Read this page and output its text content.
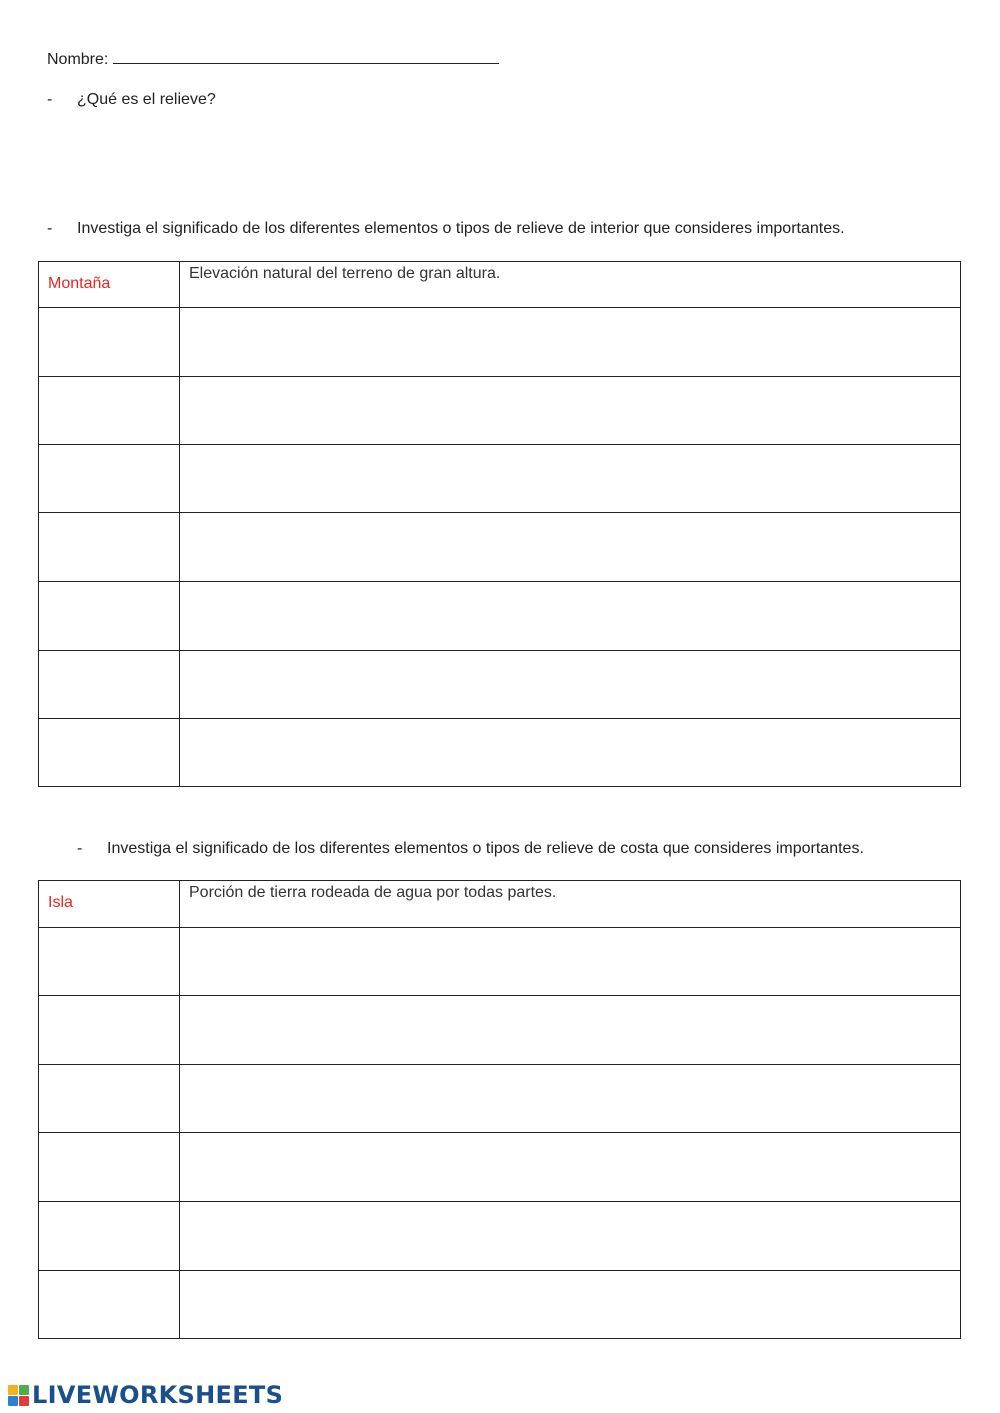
Nombre:
- ¿Qué es el relieve?
- Investiga el significado de los diferentes elementos o tipos de relieve de interior que consideres importantes.
Montaña	Elevación natural del terreno de gran altura.

- Investiga el significado de los diferentes elementos o tipos de relieve de costa que consideres importantes.
Isla	Porción de tierra rodeada de agua por todas partes.

LIVEWORKSHEETS
